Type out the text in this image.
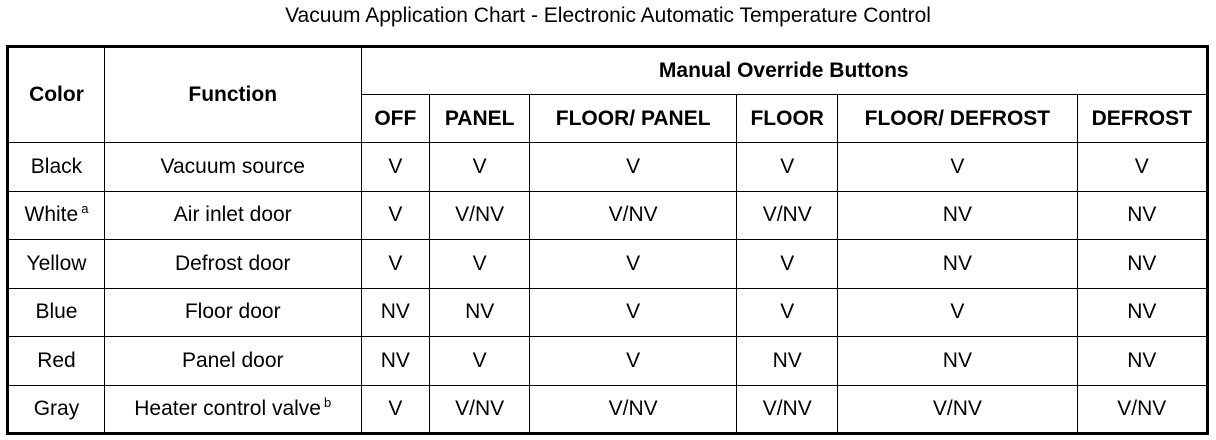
Vacuum Application Chart - Electronic Automatic Temperature Control
Color	Function	Manual Override Buttons					
		OFF	PANEL	FLOOR/ PANEL	FLOOR	FLOOR/ DEFROST	DEFROST
Black	Vacuum source	V	V	V	V	V	V
White $^a$	Air inlet door	V	V/NV	V/NV	V/NV	NV	NV
Yellow	Defrost door	V	V	V	V	NV	NV
Blue	Floor door	NV	NV	V	V	V	NV
Red	Panel door	NV	V	V	NV	NV	NV
Gray	Heater control valve $^b$	V	V/NV	V/NV	V/NV	V/NV	V/NV
